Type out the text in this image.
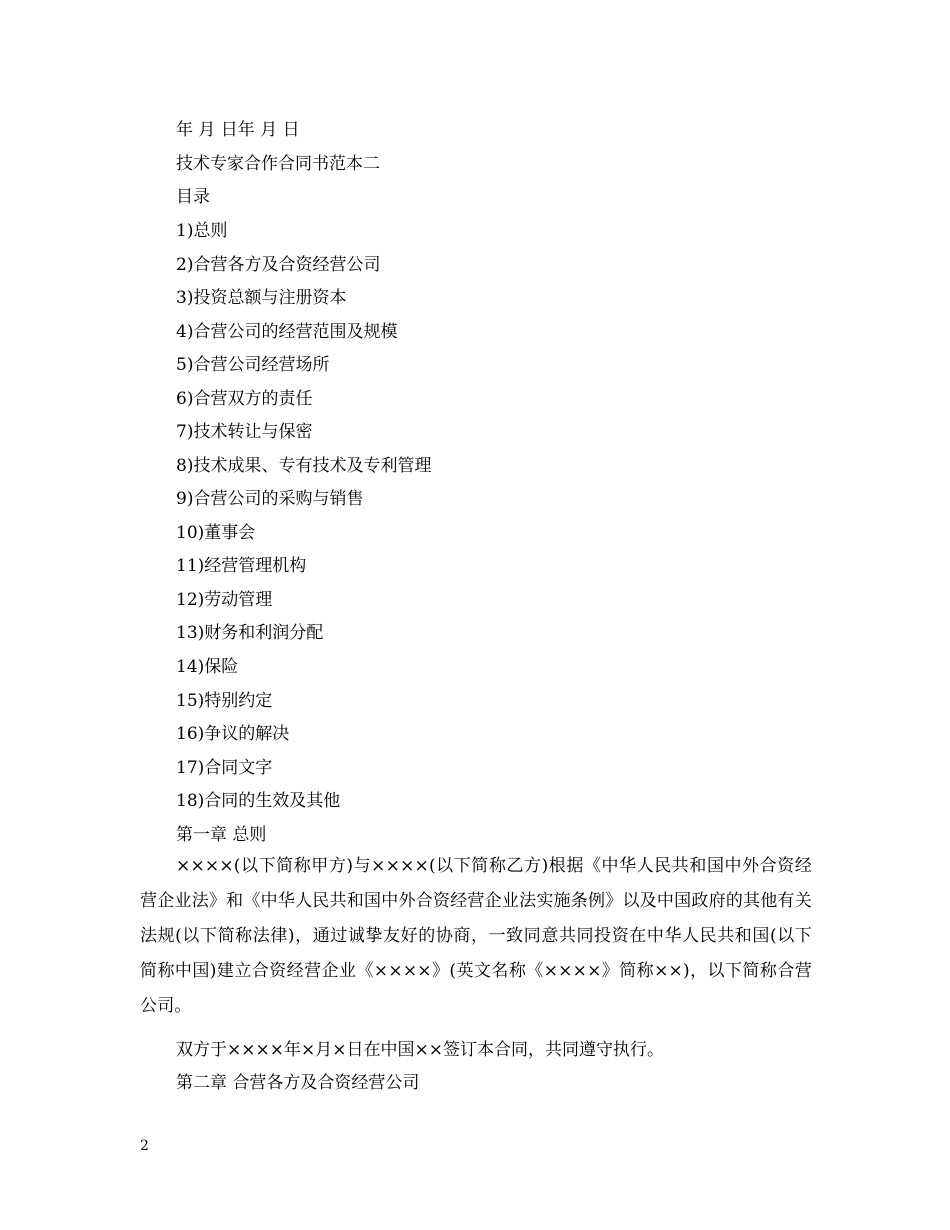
年 月 日年 月 日
技术专家合作合同书范本二
目录
1)总则
2)合营各方及合资经营公司
3)投资总额与注册资本
4)合营公司的经营范围及规模
5)合营公司经营场所
6)合营双方的责任
7)技术转让与保密
8)技术成果、专有技术及专利管理
9)合营公司的采购与销售
10)董事会
11)经营管理机构
12)劳动管理
13)财务和利润分配
14)保险
15)特别约定
16)争议的解决
17)合同文字
18)合同的生效及其他
第一章 总则
××××(以下简称甲方)与××××(以下简称乙方)根据《中华人民共和国中外合资经营企业法》和《中华人民共和国中外合资经营企业法实施条例》以及中国政府的其他有关法规(以下简称法律)，通过诚挚友好的协商，一致同意共同投资在中华人民共和国(以下简称中国)建立合资经营企业《××××》(英文名称《××××》简称××)，以下简称合营公司。
双方于××××年×月×日在中国××签订本合同，共同遵守执行。
第二章 合营各方及合资经营公司
2
